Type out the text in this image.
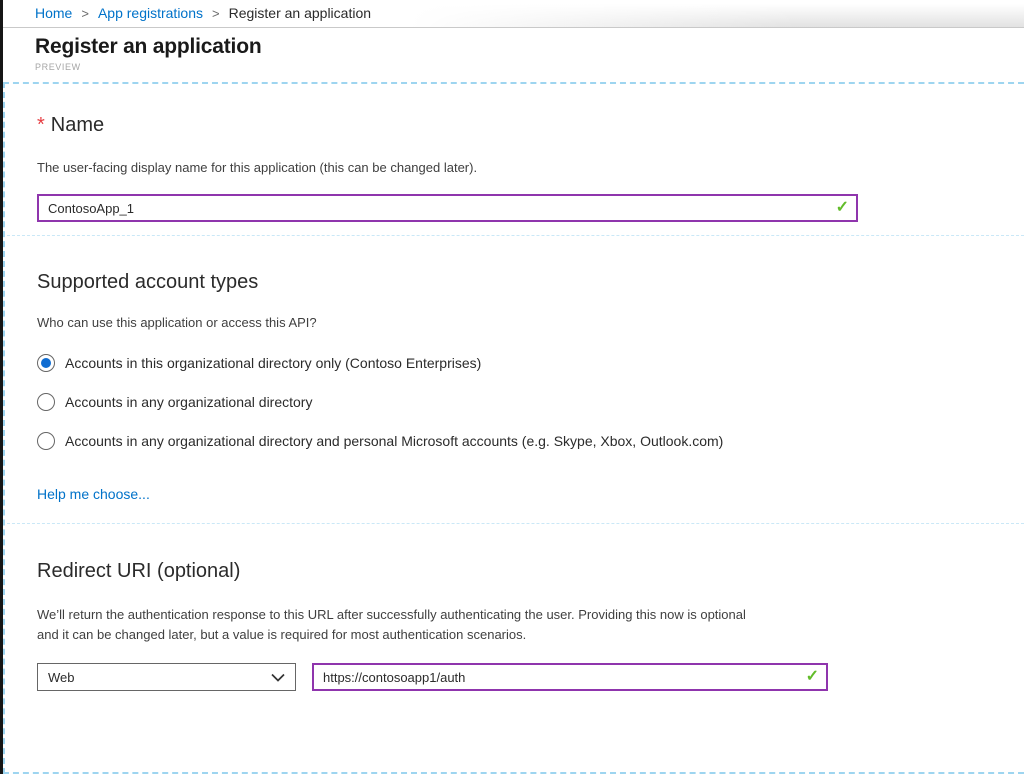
Home > App registrations > Register an application
Register an application
PREVIEW
* Name
The user-facing display name for this application (this can be changed later).
ContosoApp_1
✓
Supported account types
Who can use this application or access this API?
Accounts in this organizational directory only (Contoso Enterprises)
Accounts in any organizational directory
Accounts in any organizational directory and personal Microsoft accounts (e.g. Skype, Xbox, Outlook.com)
Help me choose...
Redirect URI (optional)
We’ll return the authentication response to this URL after successfully authenticating the user. Providing this now is optional
and it can be changed later, but a value is required for most authentication scenarios.
Web
https://contosoapp1/auth	✓
